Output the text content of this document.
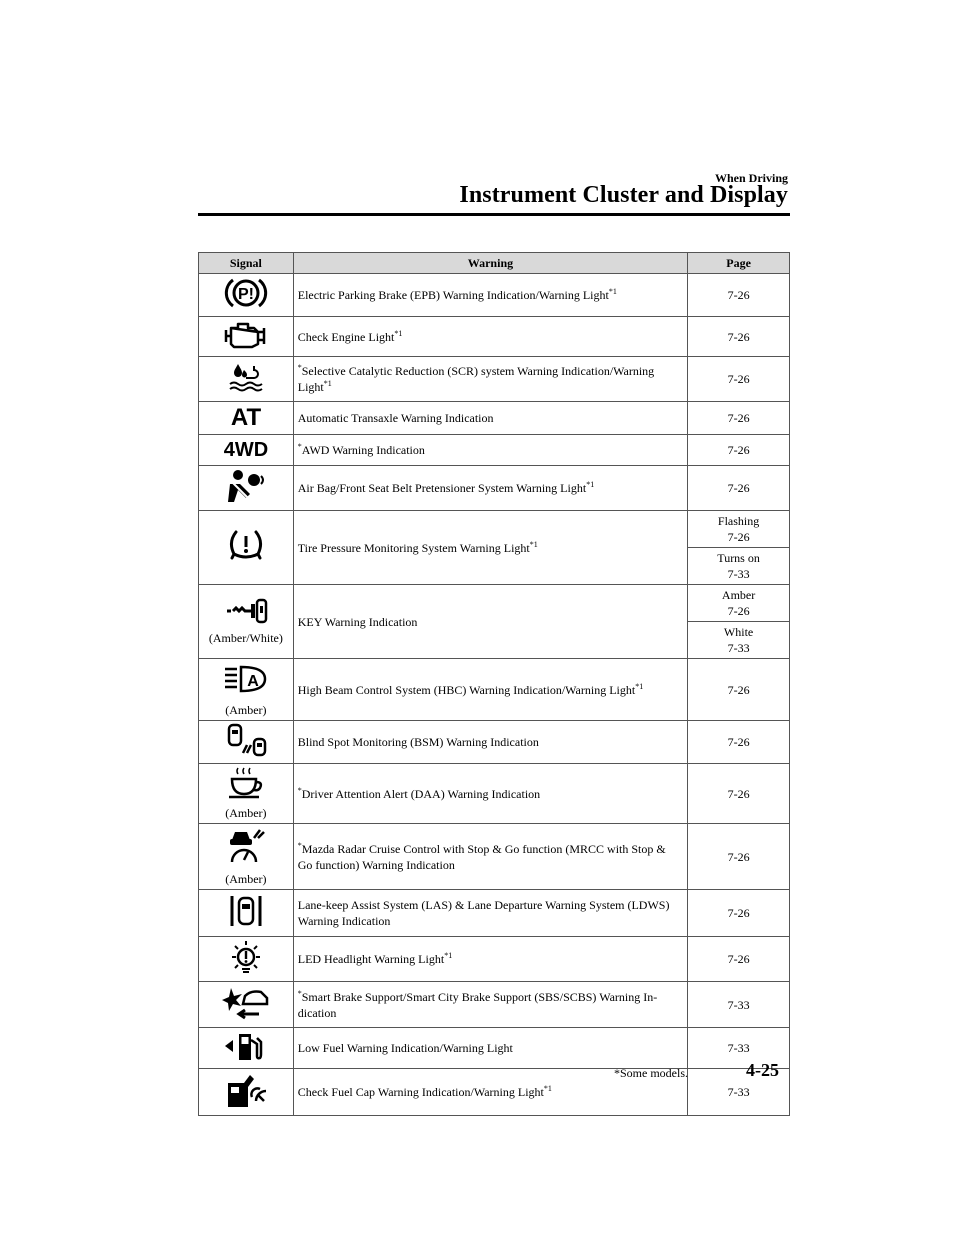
When Driving
Instrument Cluster and Display
Signal	Warning	Page

P!	Electric Parking Brake (EPB) Warning Indication/Warning Light$^{*1}$	7-26

	Check Engine Light$^{*1}$	7-26

	*Selective Catalytic Reduction (SCR) system Warning Indication/Warning Light$^{*1}$	7-26

AT	Automatic Transaxle Warning Indication	7-26

4WD	*AWD Warning Indication	7-26

	Air Bag/Front Seat Belt Pretensioner System Warning Light$^{*1}$	7-26

	Tire Pressure Monitoring System Warning Light$^{*1}$	Flashing
7-26

		Turns on
7-33

(Amber/White)	KEY Warning Indication	Amber
7-26

		White
7-33

A
(Amber)	High Beam Control System (HBC) Warning Indication/Warning Light$^{*1}$	7-26

	Blind Spot Monitoring (BSM) Warning Indication	7-26

(Amber)	*Driver Attention Alert (DAA) Warning Indication	7-26

(Amber)	*Mazda Radar Cruise Control with Stop & Go function (MRCC with Stop & Go function) Warning Indication	7-26

	Lane-keep Assist System (LAS) & Lane Departure Warning System (LDWS) Warning Indication	7-26

	LED Headlight Warning Light$^{*1}$	7-26

	*Smart Brake Support/Smart City Brake Support (SBS/SCBS) Warning In-dication	7-33

	Low Fuel Warning Indication/Warning Light	7-33

	Check Fuel Cap Warning Indication/Warning Light$^{*1}$	7-33
*Some models.	4-25
